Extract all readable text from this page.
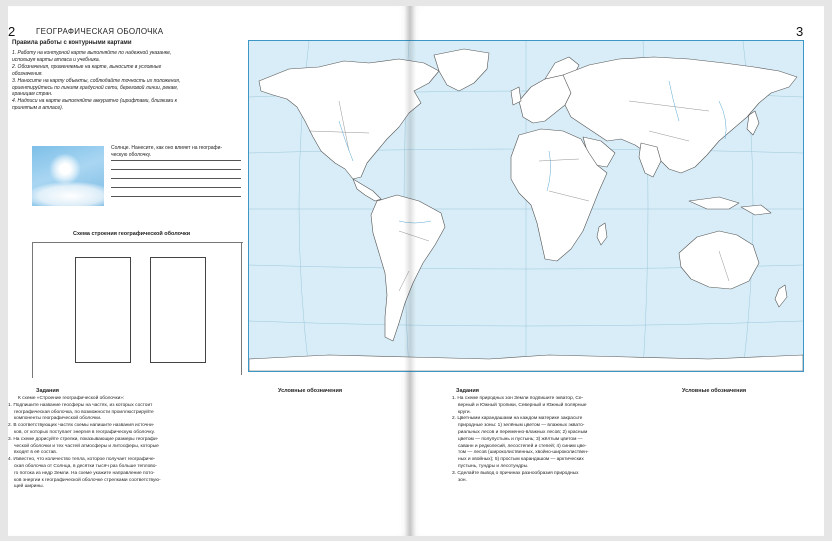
2	ГЕОГРАФИЧЕСКАЯ ОБОЛОЧКА
Правила работы с контурными картами
1. Работу на контурной карте выполняйте по надежной указанке,
используя карты атласа и учебника.
2. Обозначения, применяемые на карте, выносите в условные
обозначения.
3. Наносите на карту объекты, соблюдайте точность их положения,
ориентируйтесь по линиям градусной сети, береговой линии, рекам,
границам стран.
4. Надписи на карте выполняйте аккуратно (шрифтами, близкими к
принятым в атласе).
Солнце. Нанесите, как оно влияет на географи-
ческую оболочку.
Схема строения географической оболочки
Задания	Условные обозначения
К схеме «Строение географической оболочки»:
1. Подпишите название геосферы на частях, из которых состоит
географическая оболочка, по возможности проиллюстрируйте
компоненты географической оболочки.
2. В соответствующих частях схемы напишите названия источни-
ков, от которых поступает энергия в географическую оболочку.
3. На схеме дорисуйте стрелки, показывающие размеры географи-
ческой оболочки и тех частей атмосферы и литосферы, которые
входят в её состав.
4. Известно, что количество тепла, которое получает географиче-
ская оболочка от Солнца, в десятки тысяч раз больше теплово-
го потока из недр Земли. На схеме укажите направление пото-
ков энергии к географической оболочке стрелками соответствую-
щей ширины.
3
Задания	Условные обозначения
1. На схеме природных зон Земли подпишите экватор, Се-
верный и Южный тропики, Северный и Южный полярные
круги.
2. Цветными карандашами на каждом материке закрасьте
природные зоны: 1) зелёным цветом — влажных эквато-
риальных лесов и переменно-влажных лесов; 2) красным
цветом — полупустынь и пустынь; 3) жёлтым цветом —
саванн и редколесий, лесостепей и степей; 4) синим цве-
том — лесов (широколиственных, хвойно-широколиствен-
ных и хвойных); 5) простым карандашом — арктических
пустынь, тундры и лесотундры.
3. Сделайте вывод о причинах разнообразия природных
зон.
